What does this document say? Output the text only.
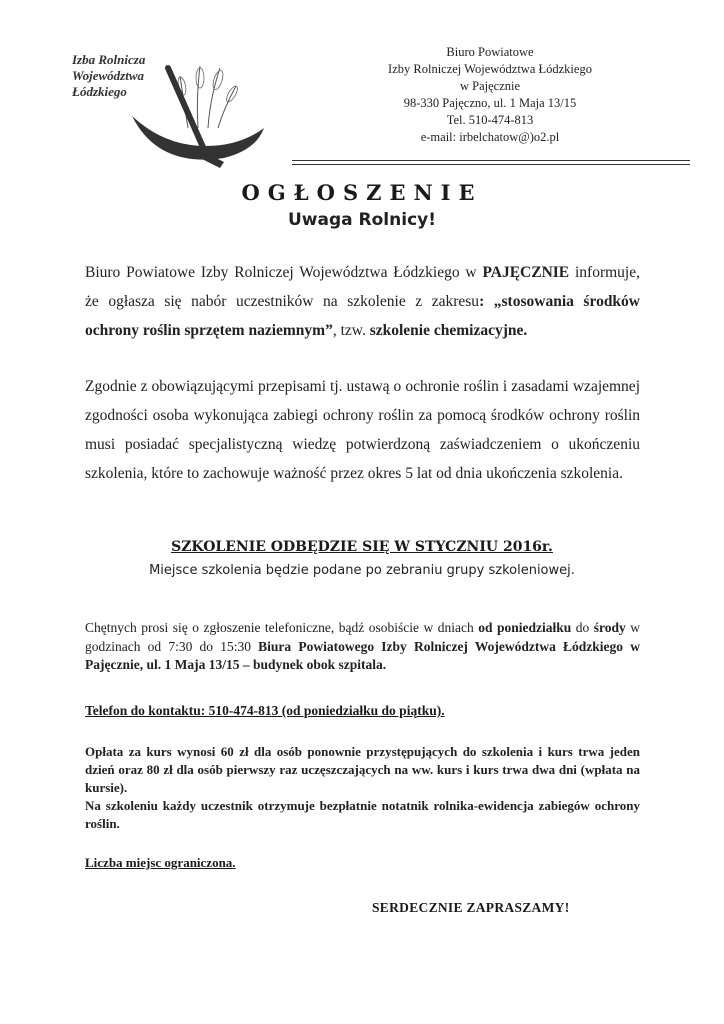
Izba Rolnicza
Województwa
Łódzkiego
Biuro Powiatowe
Izby Rolniczej Województwa Łódzkiego
w Pajęcznie
98-330 Pajęczno, ul. 1 Maja 13/15
Tel. 510-474-813
e-mail: irbelchatow@)o2.pl
OGŁOSZENIE
Uwaga Rolnicy!
Biuro Powiatowe Izby Rolniczej Województwa Łódzkiego w PAJĘCZNIE informuje, że ogłasza się nabór uczestników na szkolenie z zakresu: „stosowania środków ochrony roślin sprzętem naziemnym”, tzw. szkolenie chemizacyjne.
Zgodnie z obowiązującymi przepisami tj. ustawą o ochronie roślin i zasadami wzajemnej zgodności osoba wykonująca zabiegi ochrony roślin za pomocą środków ochrony roślin musi posiadać specjalistyczną wiedzę potwierdzoną zaświadczeniem o ukończeniu szkolenia, które to zachowuje ważność przez okres 5 lat od dnia ukończenia szkolenia.
SZKOLENIE ODBĘDZIE SIĘ W STYCZNIU 2016r.
Miejsce szkolenia będzie podane po zebraniu grupy szkoleniowej.
Chętnych prosi się o zgłoszenie telefoniczne, bądź osobiście w dniach od poniedziałku do środy w godzinach od 7:30 do 15:30 Biura Powiatowego Izby Rolniczej Województwa Łódzkiego w Pajęcznie, ul. 1 Maja 13/15 – budynek obok szpitala.
Telefon do kontaktu: 510-474-813 (od poniedziałku do piątku).
Opłata za kurs wynosi 60 zł dla osób ponownie przystępujących do szkolenia i kurs trwa jeden dzień oraz 80 zł dla osób pierwszy raz uczęszczających na ww. kurs i kurs trwa dwa dni (wpłata na kursie).
Na szkoleniu każdy uczestnik otrzymuje bezpłatnie notatnik rolnika-ewidencja zabiegów ochrony roślin.
Liczba miejsc ograniczona.
SERDECZNIE ZAPRASZAMY!
